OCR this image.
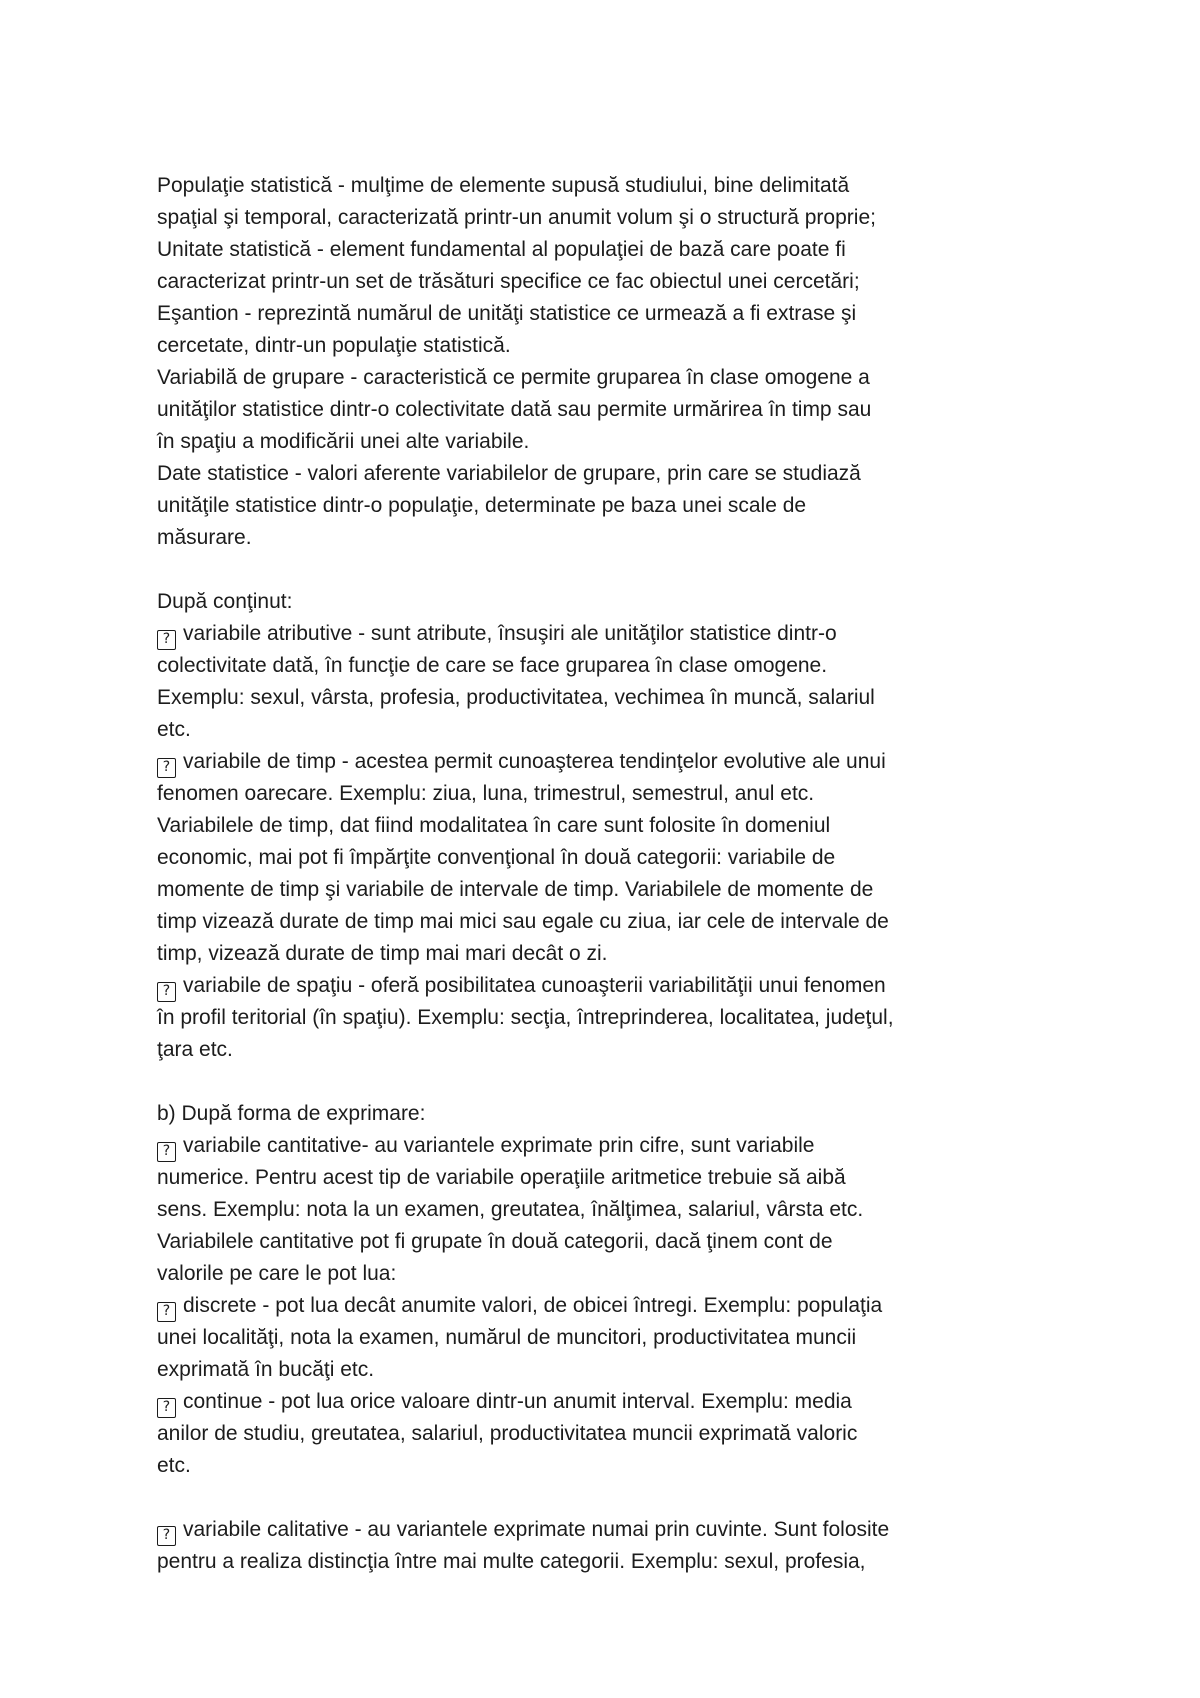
Populaţie statistică - mulţime de elemente supusă studiului, bine delimitată
spaţial şi temporal, caracterizată printr-un anumit volum şi o structură proprie;
Unitate statistică - element fundamental al populaţiei de bază care poate fi
caracterizat printr-un set de trăsături specifice ce fac obiectul unei cercetări;
Eşantion - reprezintă numărul de unităţi statistice ce urmează a fi extrase şi
cercetate, dintr-un populaţie statistică.
Variabilă de grupare - caracteristică ce permite gruparea în clase omogene a
unităţilor statistice dintr-o colectivitate dată sau permite urmărirea în timp sau
în spaţiu a modificării unei alte variabile.
Date statistice - valori aferente variabilelor de grupare, prin care se studiază
unităţile statistice dintr-o populaţie, determinate pe baza unei scale de
măsurare.
După conţinut:
? variabile atributive - sunt atribute, însuşiri ale unităţilor statistice dintr-o
colectivitate dată, în funcţie de care se face gruparea în clase omogene.
Exemplu: sexul, vârsta, profesia, productivitatea, vechimea în muncă, salariul
etc.
? variabile de timp - acestea permit cunoaşterea tendinţelor evolutive ale unui
fenomen oarecare. Exemplu: ziua, luna, trimestrul, semestrul, anul etc.
Variabilele de timp, dat fiind modalitatea în care sunt folosite în domeniul
economic, mai pot fi împărţite convenţional în două categorii: variabile de
momente de timp şi variabile de intervale de timp. Variabilele de momente de
timp vizează durate de timp mai mici sau egale cu ziua, iar cele de intervale de
timp, vizează durate de timp mai mari decât o zi.
? variabile de spaţiu - oferă posibilitatea cunoaşterii variabilităţii unui fenomen
în profil teritorial (în spaţiu). Exemplu: secţia, întreprinderea, localitatea, judeţul,
ţara etc.
b) După forma de exprimare:
? variabile cantitative- au variantele exprimate prin cifre, sunt variabile
numerice. Pentru acest tip de variabile operaţiile aritmetice trebuie să aibă
sens. Exemplu: nota la un examen, greutatea, înălţimea, salariul, vârsta etc.
Variabilele cantitative pot fi grupate în două categorii, dacă ţinem cont de
valorile pe care le pot lua:
? discrete - pot lua decât anumite valori, de obicei întregi. Exemplu: populaţia
unei localităţi, nota la examen, numărul de muncitori, productivitatea muncii
exprimată în bucăţi etc.
? continue - pot lua orice valoare dintr-un anumit interval. Exemplu: media
anilor de studiu, greutatea, salariul, productivitatea muncii exprimată valoric
etc.
? variabile calitative - au variantele exprimate numai prin cuvinte. Sunt folosite
pentru a realiza distincţia între mai multe categorii. Exemplu: sexul, profesia,
